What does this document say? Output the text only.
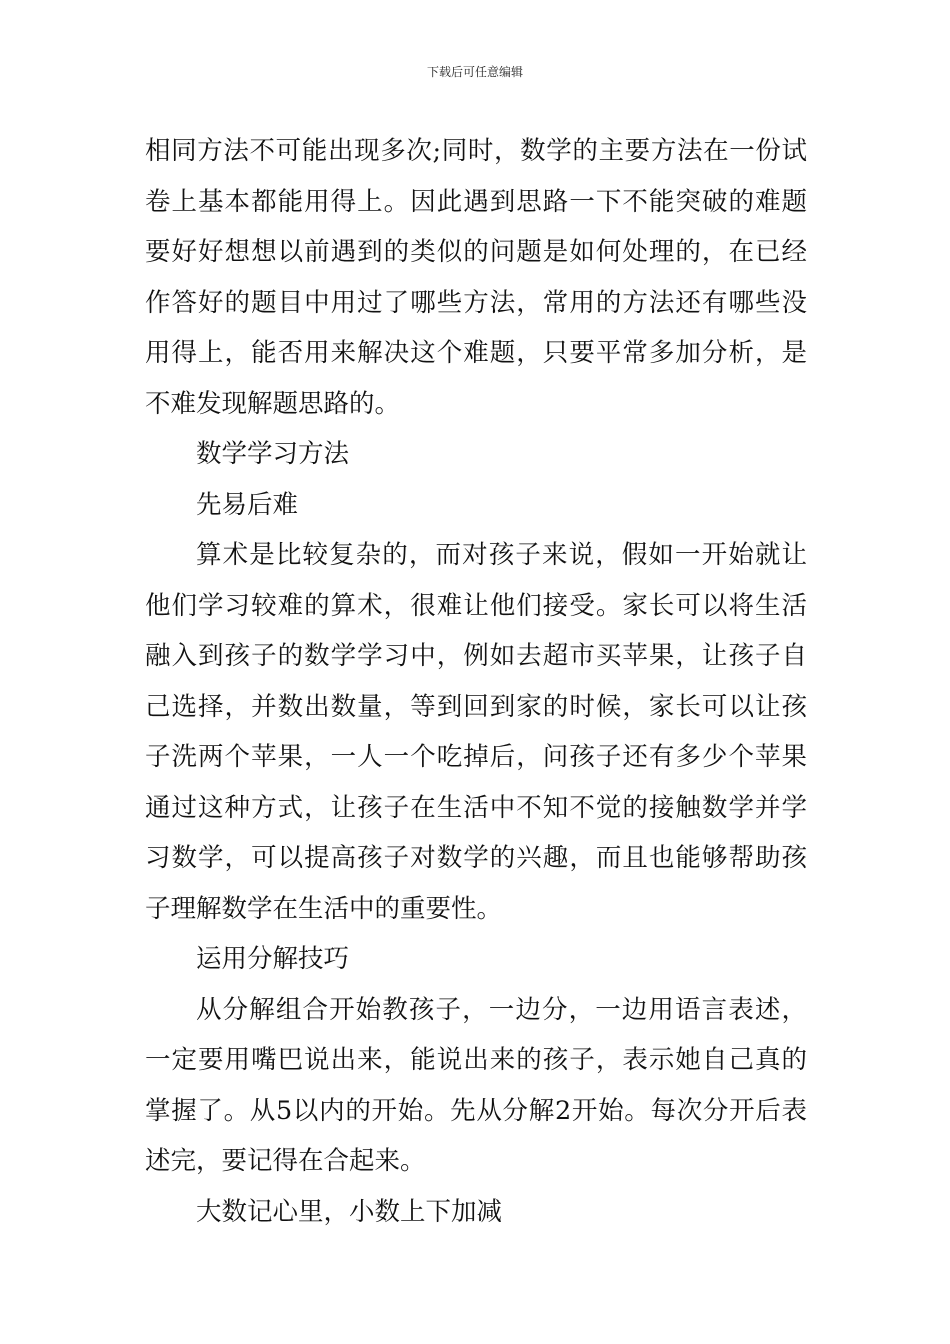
下载后可任意编辑
相同方法不可能出现多次;同时，数学的主要方法在一份试
卷上基本都能用得上。因此遇到思路一下不能突破的难题
要好好想想以前遇到的类似的问题是如何处理的，在已经
作答好的题目中用过了哪些方法，常用的方法还有哪些没
用得上，能否用来解决这个难题，只要平常多加分析，是
不难发现解题思路的。
数学学习方法
先易后难
算术是比较复杂的，而对孩子来说，假如一开始就让
他们学习较难的算术，很难让他们接受。家长可以将生活
融入到孩子的数学学习中，例如去超市买苹果，让孩子自
己选择，并数出数量，等到回到家的时候，家长可以让孩
子洗两个苹果，一人一个吃掉后，问孩子还有多少个苹果
通过这种方式，让孩子在生活中不知不觉的接触数学并学
习数学，可以提高孩子对数学的兴趣，而且也能够帮助孩
子理解数学在生活中的重要性。
运用分解技巧
从分解组合开始教孩子，一边分，一边用语言表述，
一定要用嘴巴说出来，能说出来的孩子，表示她自己真的
掌握了。从5以内的开始。先从分解2开始。每次分开后表
述完，要记得在合起来。
大数记心里，小数上下加减
